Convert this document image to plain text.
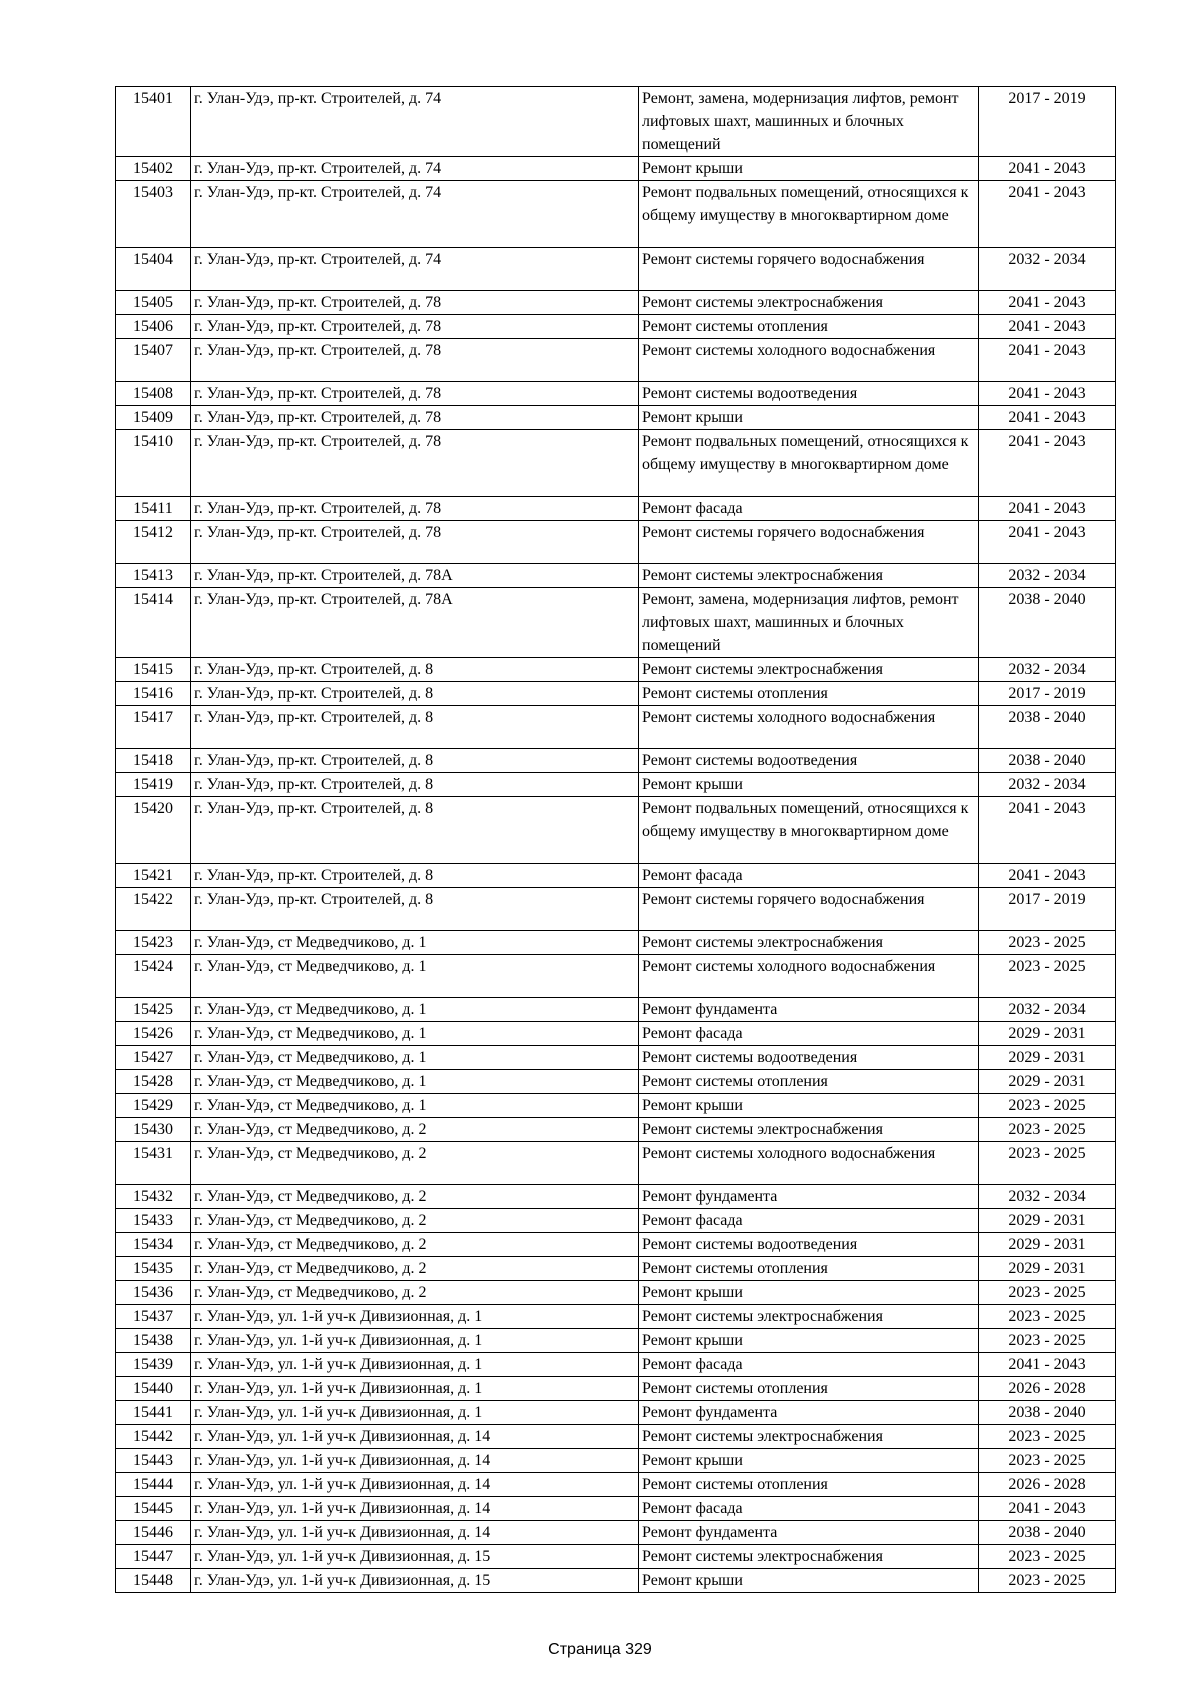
15401	г. Улан-Удэ, пр-кт. Строителей, д. 74	Ремонт, замена, модернизация лифтов, ремонт лифтовых шахт, машинных и блочных помещений	2017 - 2019
15402	г. Улан-Удэ, пр-кт. Строителей, д. 74	Ремонт крыши	2041 - 2043
15403	г. Улан-Удэ, пр-кт. Строителей, д. 74	Ремонт подвальных помещений, относящихся к общему имуществу в многоквартирном доме	2041 - 2043
15404	г. Улан-Удэ, пр-кт. Строителей, д. 74	Ремонт системы горячего водоснабжения	2032 - 2034
15405	г. Улан-Удэ, пр-кт. Строителей, д. 78	Ремонт системы электроснабжения	2041 - 2043
15406	г. Улан-Удэ, пр-кт. Строителей, д. 78	Ремонт системы отопления	2041 - 2043
15407	г. Улан-Удэ, пр-кт. Строителей, д. 78	Ремонт системы холодного водоснабжения	2041 - 2043
15408	г. Улан-Удэ, пр-кт. Строителей, д. 78	Ремонт системы водоотведения	2041 - 2043
15409	г. Улан-Удэ, пр-кт. Строителей, д. 78	Ремонт крыши	2041 - 2043
15410	г. Улан-Удэ, пр-кт. Строителей, д. 78	Ремонт подвальных помещений, относящихся к общему имуществу в многоквартирном доме	2041 - 2043
15411	г. Улан-Удэ, пр-кт. Строителей, д. 78	Ремонт фасада	2041 - 2043
15412	г. Улан-Удэ, пр-кт. Строителей, д. 78	Ремонт системы горячего водоснабжения	2041 - 2043
15413	г. Улан-Удэ, пр-кт. Строителей, д. 78А	Ремонт системы электроснабжения	2032 - 2034
15414	г. Улан-Удэ, пр-кт. Строителей, д. 78А	Ремонт, замена, модернизация лифтов, ремонт лифтовых шахт, машинных и блочных помещений	2038 - 2040
15415	г. Улан-Удэ, пр-кт. Строителей, д. 8	Ремонт системы электроснабжения	2032 - 2034
15416	г. Улан-Удэ, пр-кт. Строителей, д. 8	Ремонт системы отопления	2017 - 2019
15417	г. Улан-Удэ, пр-кт. Строителей, д. 8	Ремонт системы холодного водоснабжения	2038 - 2040
15418	г. Улан-Удэ, пр-кт. Строителей, д. 8	Ремонт системы водоотведения	2038 - 2040
15419	г. Улан-Удэ, пр-кт. Строителей, д. 8	Ремонт крыши	2032 - 2034
15420	г. Улан-Удэ, пр-кт. Строителей, д. 8	Ремонт подвальных помещений, относящихся к общему имуществу в многоквартирном доме	2041 - 2043
15421	г. Улан-Удэ, пр-кт. Строителей, д. 8	Ремонт фасада	2041 - 2043
15422	г. Улан-Удэ, пр-кт. Строителей, д. 8	Ремонт системы горячего водоснабжения	2017 - 2019
15423	г. Улан-Удэ, ст Медведчиково, д. 1	Ремонт системы электроснабжения	2023 - 2025
15424	г. Улан-Удэ, ст Медведчиково, д. 1	Ремонт системы холодного водоснабжения	2023 - 2025
15425	г. Улан-Удэ, ст Медведчиково, д. 1	Ремонт фундамента	2032 - 2034
15426	г. Улан-Удэ, ст Медведчиково, д. 1	Ремонт фасада	2029 - 2031
15427	г. Улан-Удэ, ст Медведчиково, д. 1	Ремонт системы водоотведения	2029 - 2031
15428	г. Улан-Удэ, ст Медведчиково, д. 1	Ремонт системы отопления	2029 - 2031
15429	г. Улан-Удэ, ст Медведчиково, д. 1	Ремонт крыши	2023 - 2025
15430	г. Улан-Удэ, ст Медведчиково, д. 2	Ремонт системы электроснабжения	2023 - 2025
15431	г. Улан-Удэ, ст Медведчиково, д. 2	Ремонт системы холодного водоснабжения	2023 - 2025
15432	г. Улан-Удэ, ст Медведчиково, д. 2	Ремонт фундамента	2032 - 2034
15433	г. Улан-Удэ, ст Медведчиково, д. 2	Ремонт фасада	2029 - 2031
15434	г. Улан-Удэ, ст Медведчиково, д. 2	Ремонт системы водоотведения	2029 - 2031
15435	г. Улан-Удэ, ст Медведчиково, д. 2	Ремонт системы отопления	2029 - 2031
15436	г. Улан-Удэ, ст Медведчиково, д. 2	Ремонт крыши	2023 - 2025
15437	г. Улан-Удэ, ул. 1-й уч-к Дивизионная, д. 1	Ремонт системы электроснабжения	2023 - 2025
15438	г. Улан-Удэ, ул. 1-й уч-к Дивизионная, д. 1	Ремонт крыши	2023 - 2025
15439	г. Улан-Удэ, ул. 1-й уч-к Дивизионная, д. 1	Ремонт фасада	2041 - 2043
15440	г. Улан-Удэ, ул. 1-й уч-к Дивизионная, д. 1	Ремонт системы отопления	2026 - 2028
15441	г. Улан-Удэ, ул. 1-й уч-к Дивизионная, д. 1	Ремонт фундамента	2038 - 2040
15442	г. Улан-Удэ, ул. 1-й уч-к Дивизионная, д. 14	Ремонт системы электроснабжения	2023 - 2025
15443	г. Улан-Удэ, ул. 1-й уч-к Дивизионная, д. 14	Ремонт крыши	2023 - 2025
15444	г. Улан-Удэ, ул. 1-й уч-к Дивизионная, д. 14	Ремонт системы отопления	2026 - 2028
15445	г. Улан-Удэ, ул. 1-й уч-к Дивизионная, д. 14	Ремонт фасада	2041 - 2043
15446	г. Улан-Удэ, ул. 1-й уч-к Дивизионная, д. 14	Ремонт фундамента	2038 - 2040
15447	г. Улан-Удэ, ул. 1-й уч-к Дивизионная, д. 15	Ремонт системы электроснабжения	2023 - 2025
15448	г. Улан-Удэ, ул. 1-й уч-к Дивизионная, д. 15	Ремонт крыши	2023 - 2025
Страница 329
